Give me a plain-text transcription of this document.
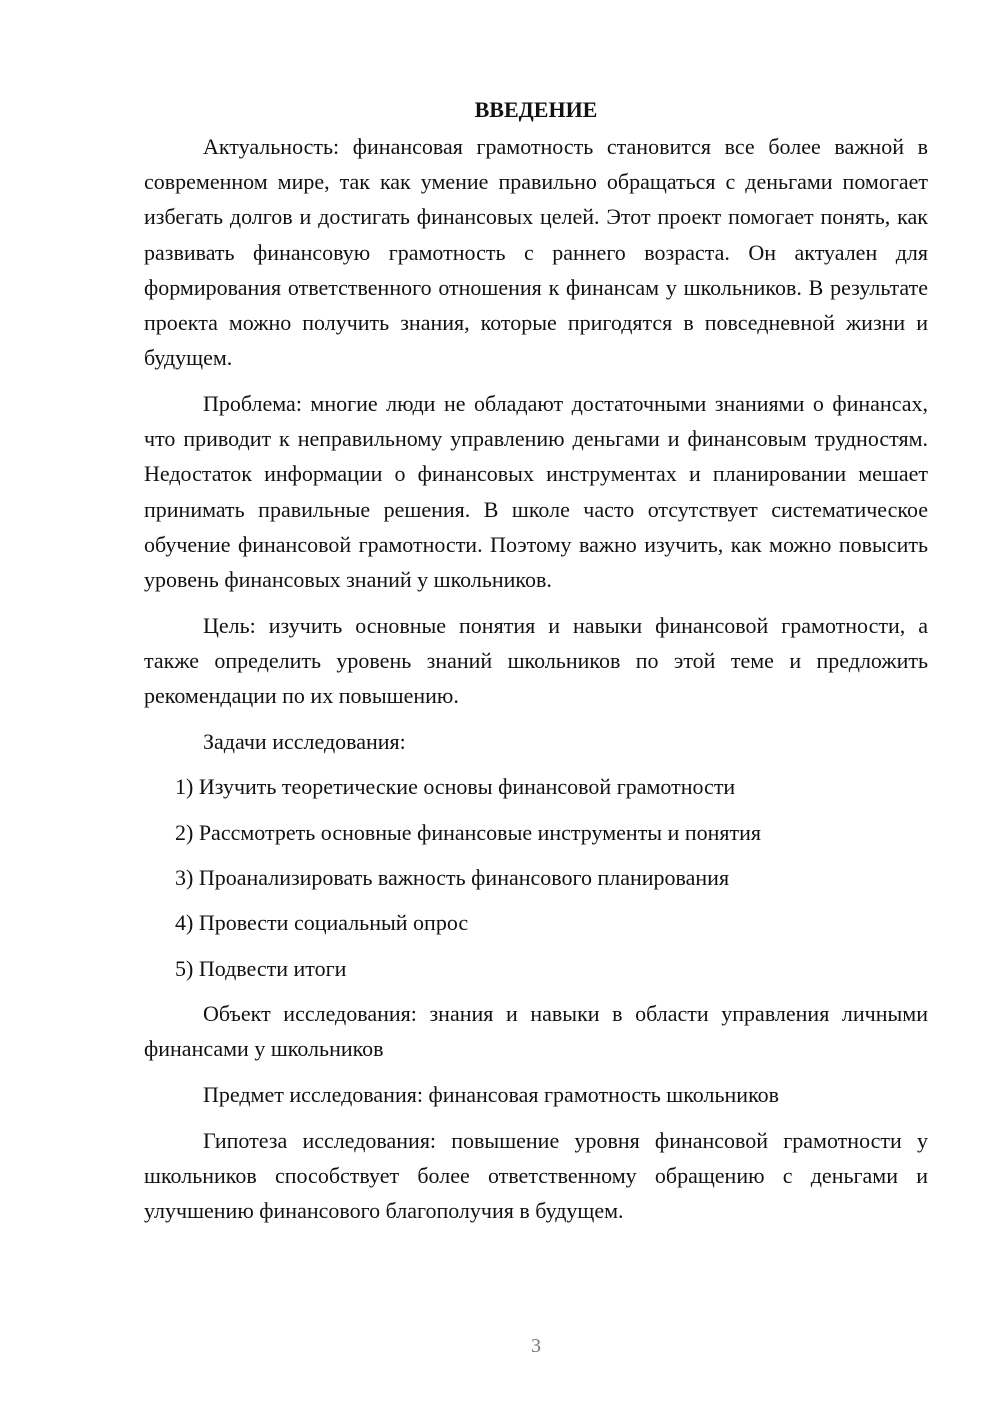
ВВЕДЕНИЕ

Актуальность: финансовая грамотность становится все более важной в современном мире, так как умение правильно обращаться с деньгами помогает избегать долгов и достигать финансовых целей. Этот проект помогает понять, как развивать финансовую грамотность с раннего возраста. Он актуален для формирования ответственного отношения к финансам у школьников. В результате проекта можно получить знания, которые пригодятся в повседневной жизни и будущем.

Проблема: многие люди не обладают достаточными знаниями о финансах, что приводит к неправильному управлению деньгами и финансовым трудностям. Недостаток информации о финансовых инструментах и планировании мешает принимать правильные решения. В школе часто отсутствует систематическое обучение финансовой грамотности. Поэтому важно изучить, как можно повысить уровень финансовых знаний у школьников.

Цель: изучить основные понятия и навыки финансовой грамотности, а также определить уровень знаний школьников по этой теме и предложить рекомендации по их повышению.

Задачи исследования:

1) Изучить теоретические основы финансовой грамотности
2) Рассмотреть основные финансовые инструменты и понятия
3) Проанализировать важность финансового планирования
4) Провести социальный опрос
5) Подвести итоги

Объект исследования: знания и навыки в области управления личными финансами у школьников

Предмет исследования: финансовая грамотность школьников

Гипотеза исследования: повышение уровня финансовой грамотности у школьников способствует более ответственному обращению с деньгами и улучшению финансового благополучия в будущем.

3
